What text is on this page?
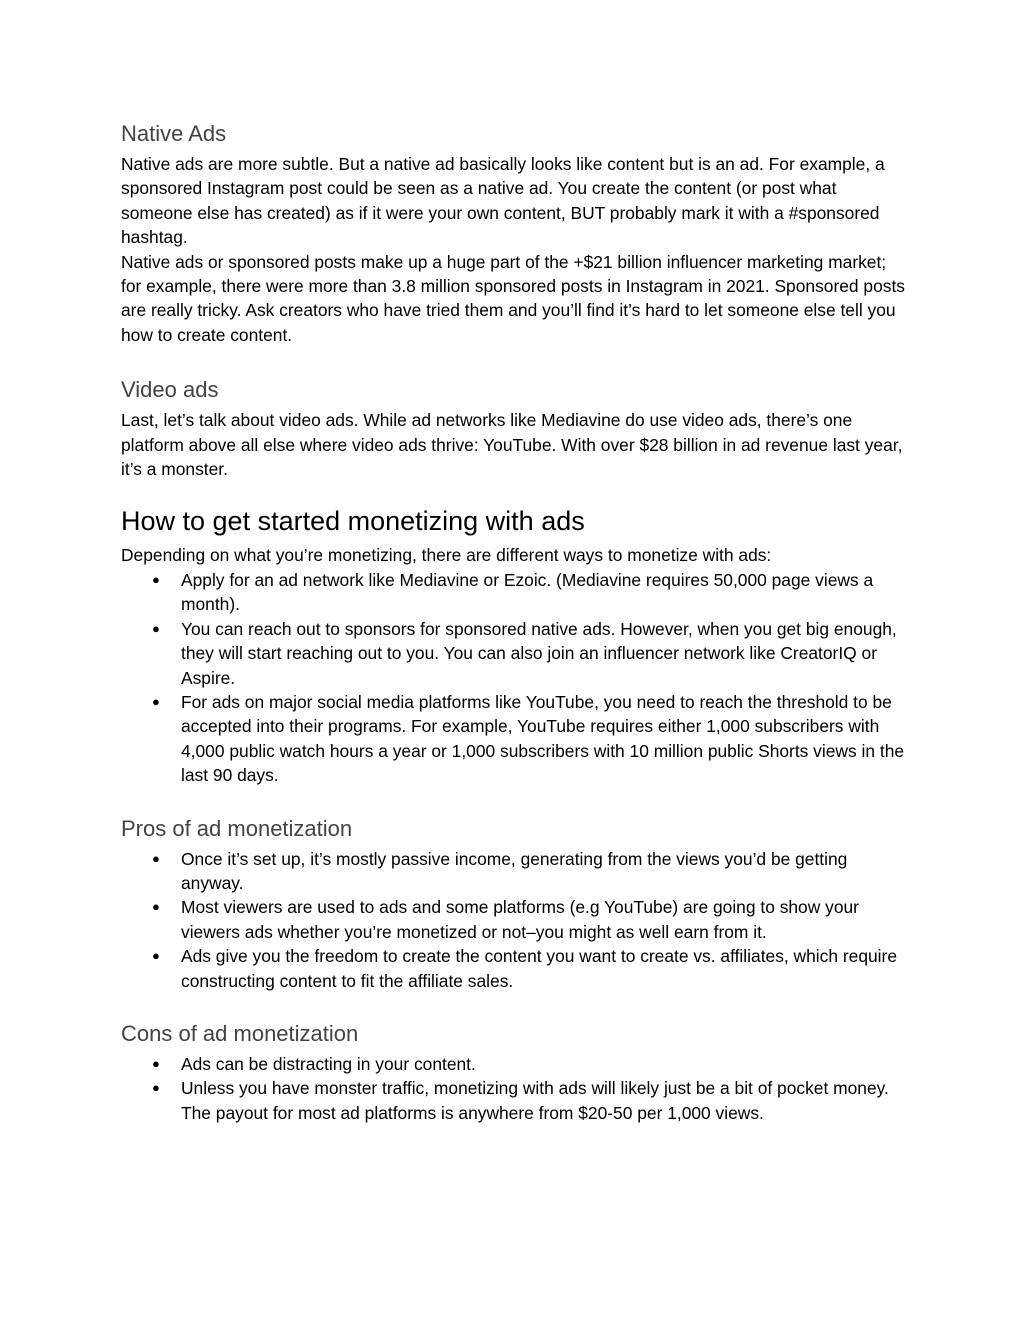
Native Ads

Native ads are more subtle. But a native ad basically looks like content but is an ad. For example, a sponsored Instagram post could be seen as a native ad. You create the content (or post what someone else has created) as if it were your own content, BUT probably mark it with a #sponsored hashtag.

Native ads or sponsored posts make up a huge part of the +$21 billion influencer marketing market; for example, there were more than 3.8 million sponsored posts in Instagram in 2021. Sponsored posts are really tricky. Ask creators who have tried them and you’ll find it’s hard to let someone else tell you how to create content.

Video ads

Last, let’s talk about video ads. While ad networks like Mediavine do use video ads, there’s one platform above all else where video ads thrive: YouTube. With over $28 billion in ad revenue last year, it’s a monster.

How to get started monetizing with ads

Depending on what you’re monetizing, there are different ways to monetize with ads:

● Apply for an ad network like Mediavine or Ezoic. (Mediavine requires 50,000 page views a month).
● You can reach out to sponsors for sponsored native ads. However, when you get big enough, they will start reaching out to you. You can also join an influencer network like CreatorIQ or Aspire.
● For ads on major social media platforms like YouTube, you need to reach the threshold to be accepted into their programs. For example, YouTube requires either 1,000 subscribers with 4,000 public watch hours a year or 1,000 subscribers with 10 million public Shorts views in the last 90 days.
Pros of ad monetization
● Once it’s set up, it’s mostly passive income, generating from the views you’d be getting anyway.
● Most viewers are used to ads and some platforms (e.g YouTube) are going to show your viewers ads whether you’re monetized or not–you might as well earn from it.
● Ads give you the freedom to create the content you want to create vs. affiliates, which require constructing content to fit the affiliate sales.
Cons of ad monetization
● Ads can be distracting in your content.
● Unless you have monster traffic, monetizing with ads will likely just be a bit of pocket money. The payout for most ad platforms is anywhere from $20-50 per 1,000 views.
